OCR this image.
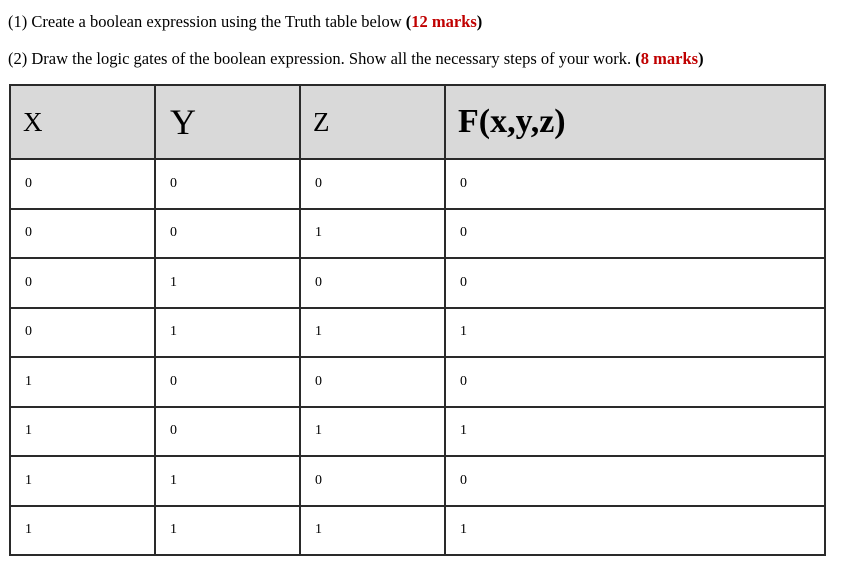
(1) Create a boolean expression using the Truth table below (12 marks)
(2) Draw the logic gates of the boolean expression. Show all the necessary steps of your work. (8 marks)
X	Y	Z	F(x,y,z)

0	0	0	0
0	0	1	0
0	1	0	0
0	1	1	1
1	0	0	0
1	0	1	1
1	1	0	0
1	1	1	1
